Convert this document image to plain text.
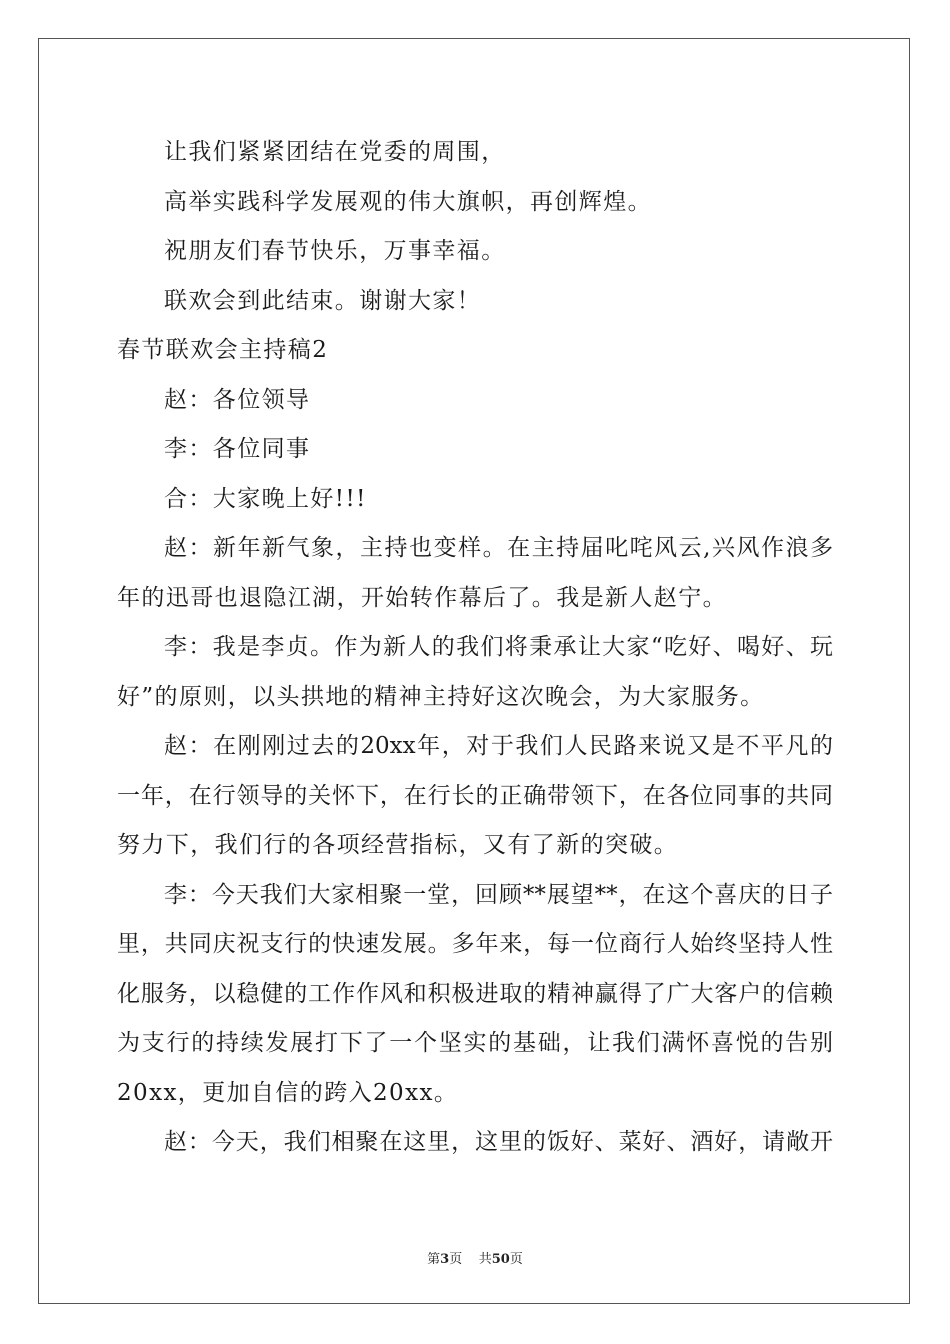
让我们紧紧团结在党委的周围，
高举实践科学发展观的伟大旗帜，再创辉煌。
祝朋友们春节快乐，万事幸福。
联欢会到此结束。谢谢大家！
春节联欢会主持稿2
赵：各位领导
李：各位同事
合：大家晚上好!!!
赵：新年新气象，主持也变样。在主持届叱咤风云,兴风作浪多
年的迅哥也退隐江湖，开始转作幕后了。我是新人赵宁。
李：我是李贞。作为新人的我们将秉承让大家“吃好、喝好、玩
好”的原则，以头拱地的精神主持好这次晚会，为大家服务。
赵：在刚刚过去的20xx年，对于我们人民路来说又是不平凡的
一年，在行领导的关怀下，在行长的正确带领下，在各位同事的共同
努力下，我们行的各项经营指标，又有了新的突破。
李：今天我们大家相聚一堂，回顾**展望**，在这个喜庆的日子
里，共同庆祝支行的快速发展。多年来，每一位商行人始终坚持人性
化服务，以稳健的工作作风和积极进取的精神赢得了广大客户的信赖
为支行的持续发展打下了一个坚实的基础，让我们满怀喜悦的告别
20xx，更加自信的跨入20xx。
赵：今天，我们相聚在这里，这里的饭好、菜好、酒好，请敞开
第3页 共50页
